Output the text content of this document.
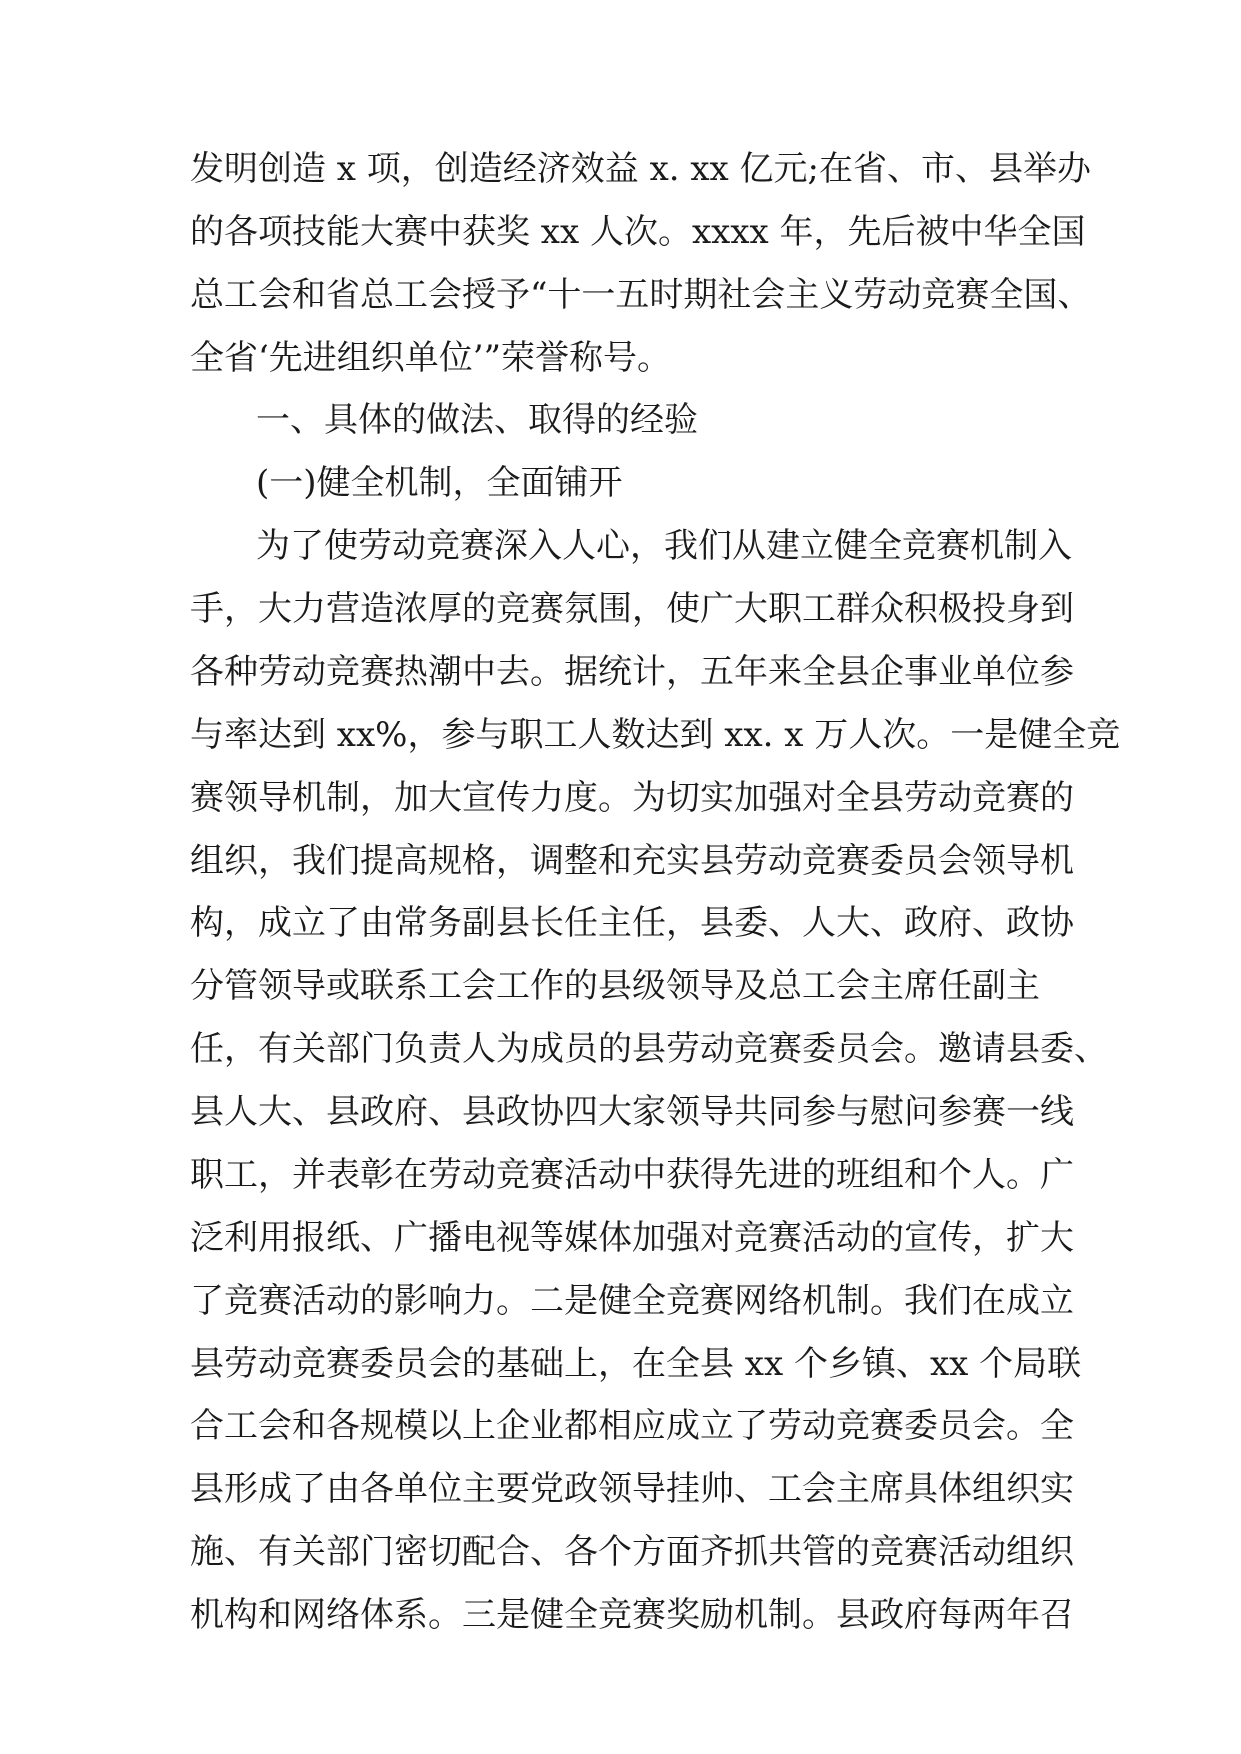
发明创造 x 项，创造经济效益 x. xx 亿元;在省、市、县举办
的各项技能大赛中获奖 xx 人次。xxxx 年，先后被中华全国
总工会和省总工会授予“十一五时期社会主义劳动竞赛全国、
全省‘先进组织单位’”荣誉称号。
一、具体的做法、取得的经验
(一)健全机制，全面铺开
为了使劳动竞赛深入人心，我们从建立健全竞赛机制入
手，大力营造浓厚的竞赛氛围，使广大职工群众积极投身到
各种劳动竞赛热潮中去。据统计，五年来全县企事业单位参
与率达到 xx%，参与职工人数达到 xx. x 万人次。一是健全竞
赛领导机制，加大宣传力度。为切实加强对全县劳动竞赛的
组织，我们提高规格，调整和充实县劳动竞赛委员会领导机
构，成立了由常务副县长任主任，县委、人大、政府、政协
分管领导或联系工会工作的县级领导及总工会主席任副主
任，有关部门负责人为成员的县劳动竞赛委员会。邀请县委、
县人大、县政府、县政协四大家领导共同参与慰问参赛一线
职工，并表彰在劳动竞赛活动中获得先进的班组和个人。广
泛利用报纸、广播电视等媒体加强对竞赛活动的宣传，扩大
了竞赛活动的影响力。二是健全竞赛网络机制。我们在成立
县劳动竞赛委员会的基础上，在全县 xx 个乡镇、xx 个局联
合工会和各规模以上企业都相应成立了劳动竞赛委员会。全
县形成了由各单位主要党政领导挂帅、工会主席具体组织实
施、有关部门密切配合、各个方面齐抓共管的竞赛活动组织
机构和网络体系。三是健全竞赛奖励机制。县政府每两年召
